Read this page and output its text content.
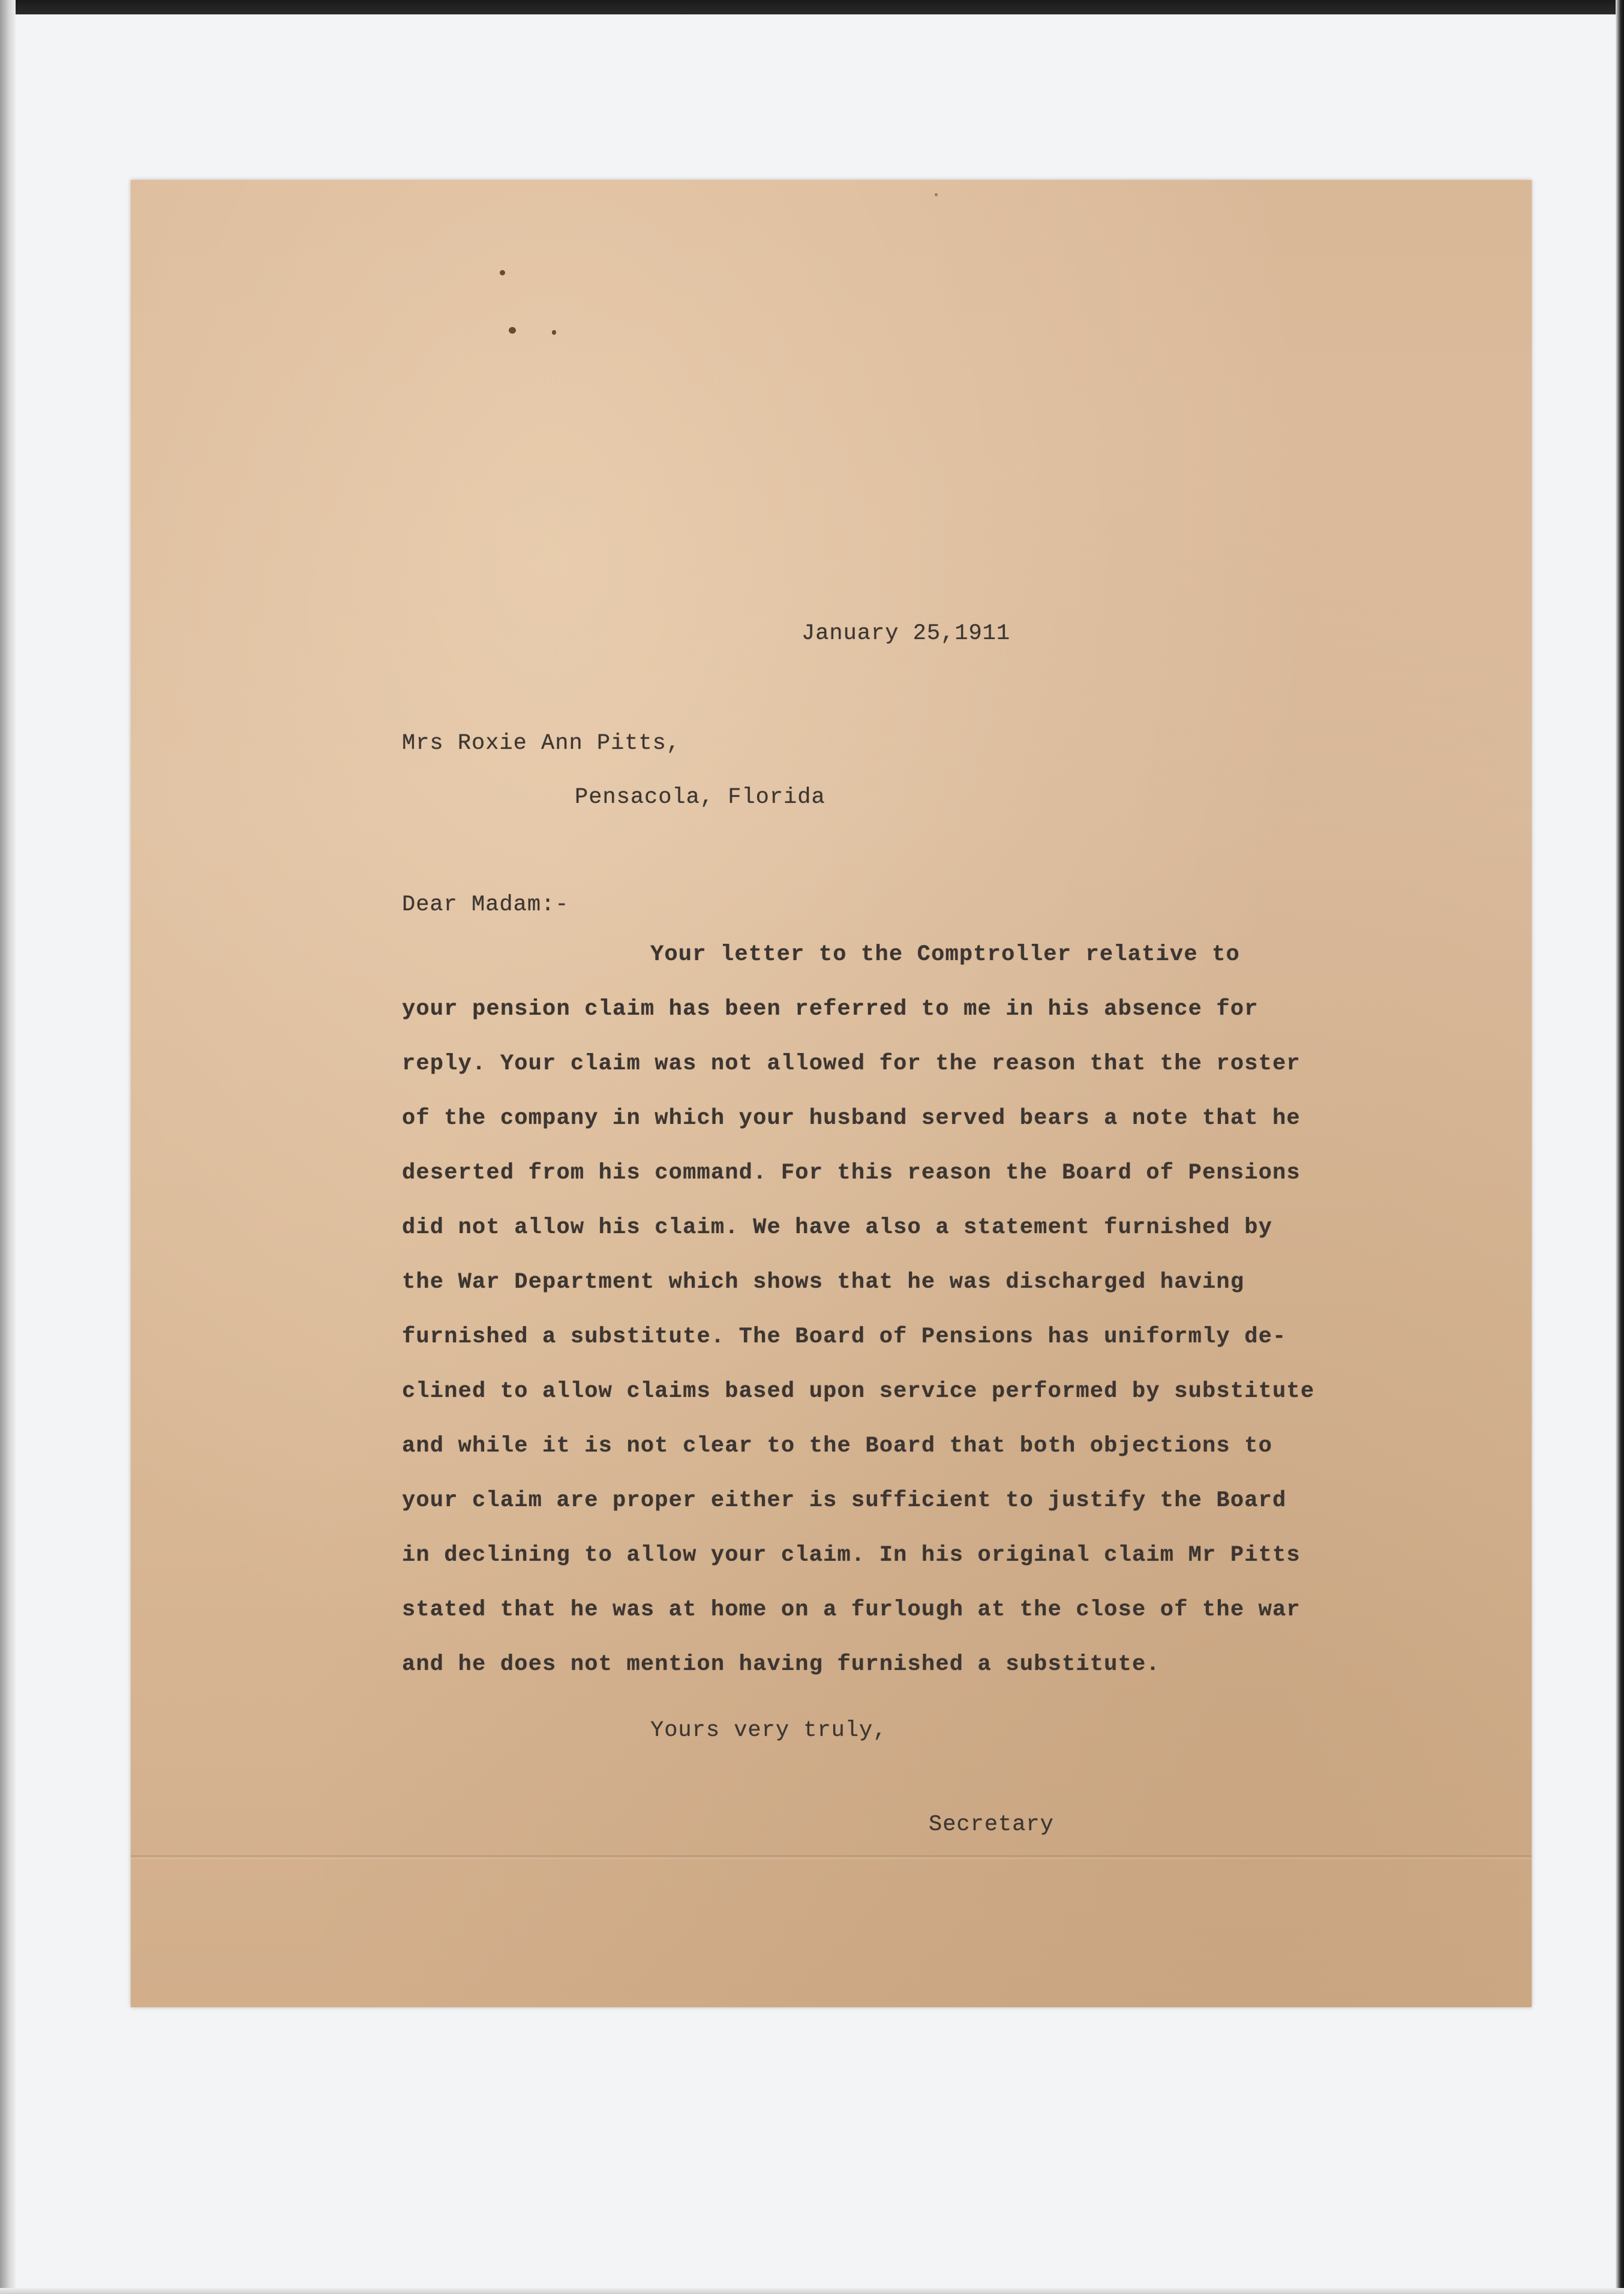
January 25,1911
Mrs Roxie Ann Pitts,
Pensacola, Florida
Dear Madam:-
Your letter to the Comptroller relative to
your pension claim has been referred to me in his absence for
reply. Your claim was not allowed for the reason that the roster
of the company in which your husband served bears a note that he
deserted from his command. For this reason the Board of Pensions
did not allow his claim. We have also a statement furnished by
the War Department which shows that he was discharged having
furnished a substitute. The Board of Pensions has uniformly de-
clined to allow claims based upon service performed by substitute
and while it is not clear to the Board that both objections to
your claim are proper either is sufficient to justify the Board
in declining to allow your claim. In his original claim Mr Pitts
stated that he was at home on a furlough at the close of the war
and he does not mention having furnished a substitute.
Yours very truly,
Secretary
